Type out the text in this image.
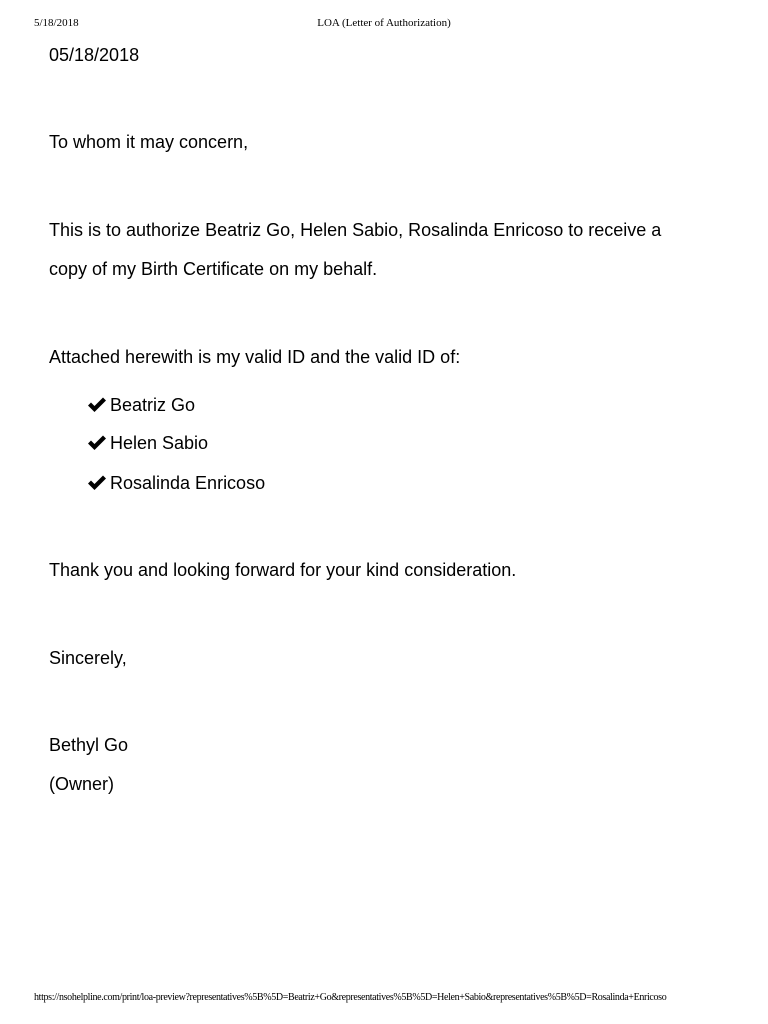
5/18/2018	LOA (Letter of Authorization)
05/18/2018
To whom it may concern,
This is to authorize Beatriz Go, Helen Sabio, Rosalinda Enricoso to receive a
copy of my Birth Certificate on my behalf.
Attached herewith is my valid ID and the valid ID of:
Beatriz Go
Helen Sabio
Rosalinda Enricoso
Thank you and looking forward for your kind consideration.
Sincerely,
Bethyl Go
(Owner)
https://nsohelpline.com/print/loa-preview?representatives%5B%5D=Beatriz+Go&representatives%5B%5D=Helen+Sabio&representatives%5B%5D=Rosalinda+Enricoso
